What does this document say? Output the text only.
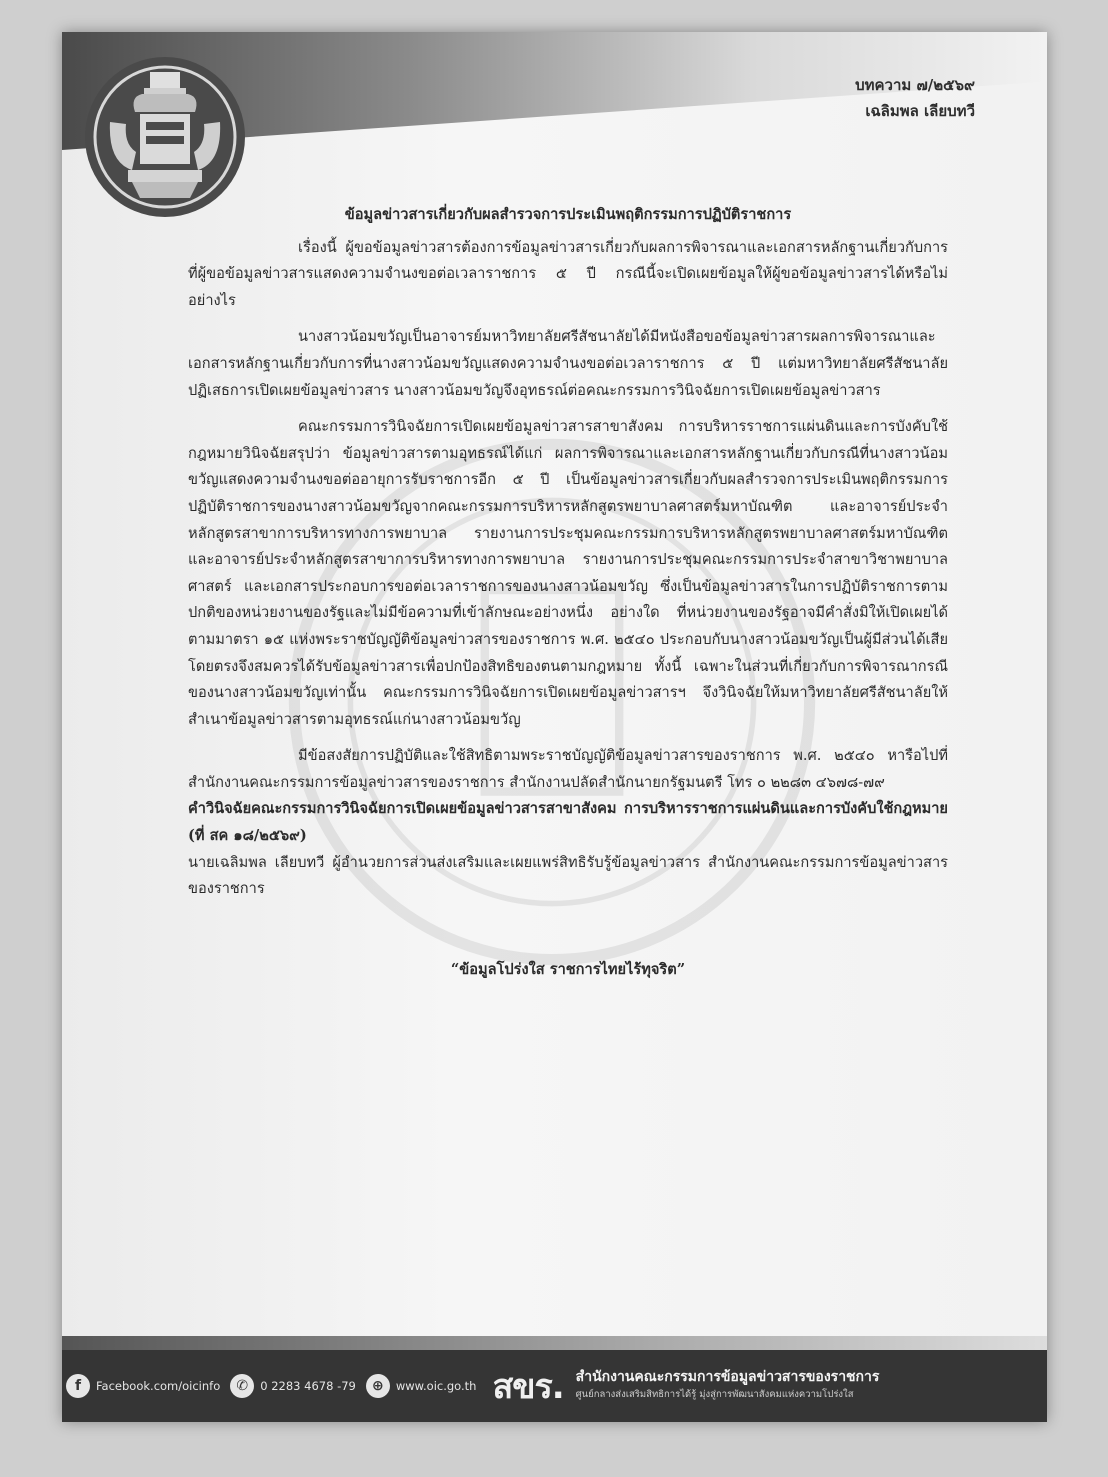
บทความ ๗/๒๕๖๙
เฉลิมพล เลียบทวี
ข้อมูลข่าวสารเกี่ยวกับผลสำรวจการประเมินพฤติกรรมการปฏิบัติราชการ

เรื่องนี้ ผู้ขอข้อมูลข่าวสารต้องการข้อมูลข่าวสารเกี่ยวกับผลการพิจารณาและเอกสารหลักฐานเกี่ยวกับการที่ผู้ขอข้อมูลข่าวสารแสดงความจำนงขอต่อเวลาราชการ ๕ ปี กรณีนี้จะเปิดเผยข้อมูลให้ผู้ขอข้อมูลข่าวสารได้หรือไม่ อย่างไร

นางสาวน้อมขวัญเป็นอาจารย์มหาวิทยาลัยศรีสัชนาลัยได้มีหนังสือขอข้อมูลข่าวสารผลการพิจารณาและเอกสารหลักฐานเกี่ยวกับการที่นางสาวน้อมขวัญแสดงความจำนงขอต่อเวลาราชการ ๕ ปี แต่มหาวิทยาลัยศรีสัชนาลัยปฏิเสธการเปิดเผยข้อมูลข่าวสาร นางสาวน้อมขวัญจึงอุทธรณ์ต่อคณะกรรมการวินิจฉัยการเปิดเผยข้อมูลข่าวสาร

คณะกรรมการวินิจฉัยการเปิดเผยข้อมูลข่าวสารสาขาสังคม การบริหารราชการแผ่นดินและการบังคับใช้กฎหมายวินิจฉัยสรุปว่า ข้อมูลข่าวสารตามอุทธรณ์ได้แก่ ผลการพิจารณาและเอกสารหลักฐานเกี่ยวกับกรณีที่นางสาวน้อมขวัญแสดงความจำนงขอต่ออายุการรับราชการอีก ๕ ปี เป็นข้อมูลข่าวสารเกี่ยวกับผลสำรวจการประเมินพฤติกรรมการปฏิบัติราชการของนางสาวน้อมขวัญจากคณะกรรมการบริหารหลักสูตรพยาบาลศาสตร์มหาบัณฑิต และอาจารย์ประจำหลักสูตรสาขาการบริหารทางการพยาบาล รายงานการประชุมคณะกรรมการบริหารหลักสูตรพยาบาลศาสตร์มหาบัณฑิต และอาจารย์ประจำหลักสูตรสาขาการบริหารทางการพยาบาล รายงานการประชุมคณะกรรมการประจำสาขาวิชาพยาบาลศาสตร์ และเอกสารประกอบการขอต่อเวลาราชการของนางสาวน้อมขวัญ ซึ่งเป็นข้อมูลข่าวสารในการปฏิบัติราชการตามปกติของหน่วยงานของรัฐและไม่มีข้อความที่เข้าลักษณะอย่างหนึ่ง อย่างใด ที่หน่วยงานของรัฐอาจมีคำสั่งมิให้เปิดเผยได้ตามมาตรา ๑๕ แห่งพระราชบัญญัติข้อมูลข่าวสารของราชการ พ.ศ. ๒๕๔๐ ประกอบกับนางสาวน้อมขวัญเป็นผู้มีส่วนได้เสียโดยตรงจึงสมควรได้รับข้อมูลข่าวสารเพื่อปกป้องสิทธิของตนตามกฎหมาย ทั้งนี้ เฉพาะในส่วนที่เกี่ยวกับการพิจารณากรณีของนางสาวน้อมขวัญเท่านั้น คณะกรรมการวินิจฉัยการเปิดเผยข้อมูลข่าวสารฯ จึงวินิจฉัยให้มหาวิทยาลัยศรีสัชนาลัยให้สำเนาข้อมูลข่าวสารตามอุทธรณ์แก่นางสาวน้อมขวัญ

มีข้อสงสัยการปฏิบัติและใช้สิทธิตามพระราชบัญญัติข้อมูลข่าวสารของราชการ พ.ศ. ๒๕๔๐ หารือไปที่สำนักงานคณะกรรมการข้อมูลข่าวสารของราชการ สำนักงานปลัดสำนักนายกรัฐมนตรี โทร ๐ ๒๒๘๓ ๔๖๗๘-๗๙

คำวินิจฉัยคณะกรรมการวินิจฉัยการเปิดเผยข้อมูลข่าวสารสาขาสังคม การบริหารราชการแผ่นดินและการบังคับใช้กฎหมาย (ที่ สค ๑๘/๒๕๖๙)

นายเฉลิมพล เลียบทวี ผู้อำนวยการส่วนส่งเสริมและเผยแพร่สิทธิรับรู้ข้อมูลข่าวสาร สำนักงานคณะกรรมการข้อมูลข่าวสารของราชการ

“ข้อมูลโปร่งใส ราชการไทยไร้ทุจริต”
f	Facebook.com/oicinfo	✆	0 2283 4678 -79	⊕	www.oic.go.th สขร. สำนักงานคณะกรรมการข้อมูลข่าวสารของราชการ
ศูนย์กลางส่งเสริมสิทธิการได้รู้ มุ่งสู่การพัฒนาสังคมแห่งความโปร่งใส
